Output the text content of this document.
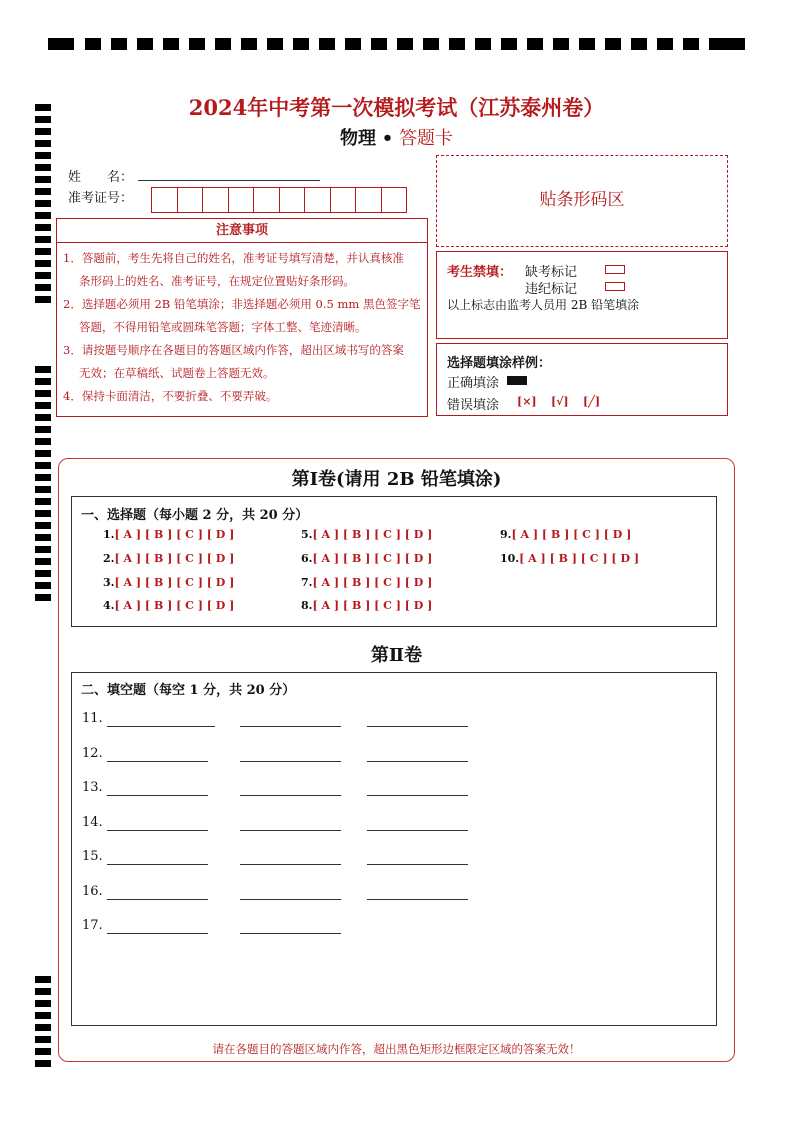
2024年中考第一次模拟考试（江苏泰州卷）
物理 • 答题卡
姓　　名：
准考证号：
注意事项
1．答题前，考生先将自己的姓名，准考证号填写清楚，并认真核准
条形码上的姓名、准考证号，在规定位置贴好条形码。
2．选择题必须用 2B 铅笔填涂；非选择题必须用 0.5 mm 黑色签字笔
答题，不得用铅笔或圆珠笔答题；字体工整、笔迹清晰。
3．请按题号顺序在各题目的答题区域内作答，超出区域书写的答案
无效；在草稿纸、试题卷上答题无效。
4．保持卡面清洁，不要折叠、不要弄破。
贴条形码区
考生禁填： 缺考标记
违纪标记
以上标志由监考人员用 2B 铅笔填涂
选择题填涂样例：
正确填涂
错误填涂 [×] [√] [╱]
第Ⅰ卷(请用 2B 铅笔填涂)
一、选择题（每小题 2 分，共 20 分）
1.[ A ] [ B ] [ C ] [ D ]
2.[ A ] [ B ] [ C ] [ D ]
3.[ A ] [ B ] [ C ] [ D ]
4.[ A ] [ B ] [ C ] [ D ]
5.[ A ] [ B ] [ C ] [ D ]
6.[ A ] [ B ] [ C ] [ D ]
7.[ A ] [ B ] [ C ] [ D ]
8.[ A ] [ B ] [ C ] [ D ]
9.[ A ] [ B ] [ C ] [ D ]
10.[ A ] [ B ] [ C ] [ D ]
第Ⅱ卷
二、填空题（每空 1 分，共 20 分）
11.
12.
13.
14.
15.
16.
17.
请在各题目的答题区域内作答，超出黑色矩形边框限定区域的答案无效！
